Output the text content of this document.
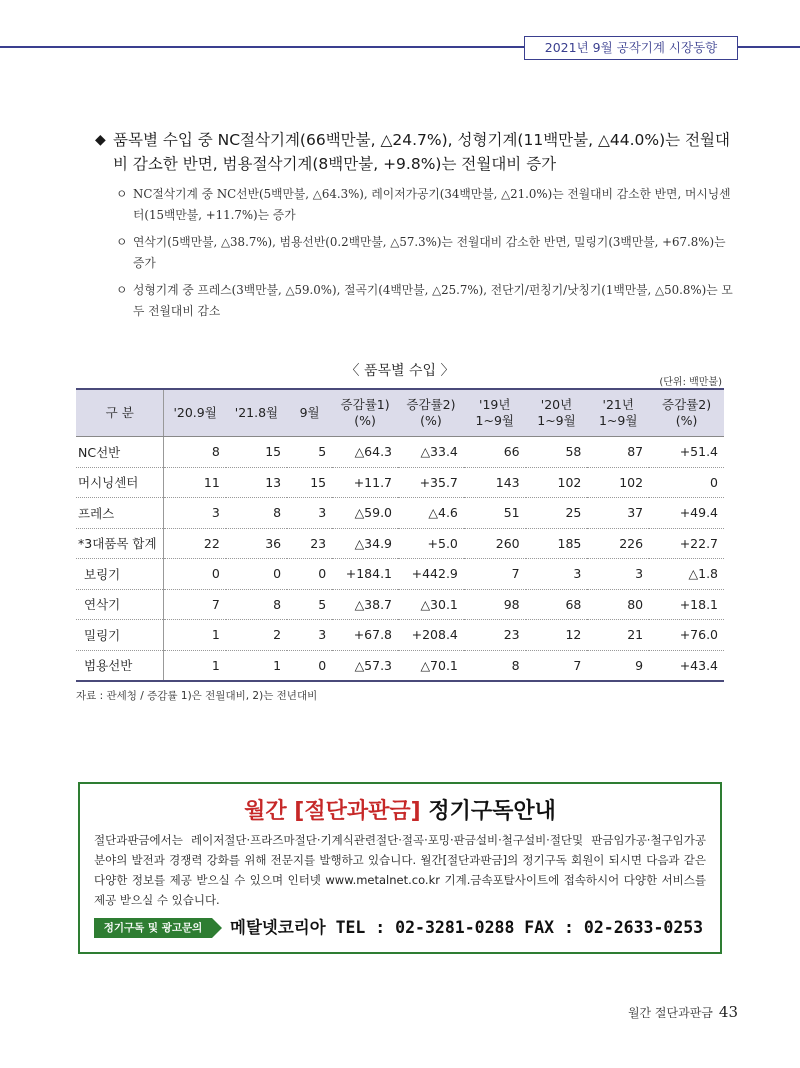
2021년 9월 공작기계 시장동향
◆ 품목별 수입 중 NC절삭기계(66백만불, △24.7%), 성형기계(11백만불, △44.0%)는 전월대비 감소한 반면, 범용절삭기계(8백만불, +9.8%)는 전월대비 증가
ㅇ NC절삭기계 중 NC선반(5백만불, △64.3%), 레이저가공기(34백만불, △21.0%)는 전월대비 감소한 반면, 머시닝센터(15백만불, +11.7%)는 증가
ㅇ 연삭기(5백만불, △38.7%), 범용선반(0.2백만불, △57.3%)는 전월대비 감소한 반면, 밀링기(3백만불, +67.8%)는 증가
ㅇ 성형기계 중 프레스(3백만불, △59.0%), 절곡기(4백만불, △25.7%), 전단기/펀칭기/낫칭기(1백만불, △50.8%)는 모두 전월대비 감소
〈 품목별 수입 〉
(단위: 백만불)
구 분	'20.9월	'21.8월	9월	증감률1)(%)	증감률2)(%)	'19년 1~9월	'20년 1~9월	'21년 1~9월	증감률2)(%)
NC선반	8	15	5	△64.3	△33.4	66	58	87	+51.4
머시닝센터	11	13	15	+11.7	+35.7	143	102	102	0
프레스	3	8	3	△59.0	△4.6	51	25	37	+49.4
*3대품목 합계	22	36	23	△34.9	+5.0	260	185	226	+22.7
보링기	0	0	0	+184.1	+442.9	7	3	3	△1.8
연삭기	7	8	5	△38.7	△30.1	98	68	80	+18.1
밀링기	1	2	3	+67.8	+208.4	23	12	21	+76.0
범용선반	1	1	0	△57.3	△70.1	8	7	9	+43.4
자료 : 관세청 / 증감률 1)은 전월대비, 2)는 전년대비
월간 [절단과판금] 정기구독안내
절단과판금에서는 레이저절단·프라즈마절단·기계식관련절단·절곡·포밍·판금설비·철구설비·절단및 판금임가공·철구임가공 분야의 발전과 경쟁력 강화를 위해 전문지를 발행하고 있습니다. 월간[절단과판금]의 정기구독 회원이 되시면 다음과 같은 다양한 정보를 제공 받으실 수 있으며 인터넷 www.metalnet.co.kr 기계.금속포탈사이트에 접속하시어 다양한 서비스를 제공 받으실 수 있습니다.
정기구독 및 광고문의	메탈넷코리아 TEL : 02-3281-0288 FAX : 02-2633-0253
월간 절단과판금 43
